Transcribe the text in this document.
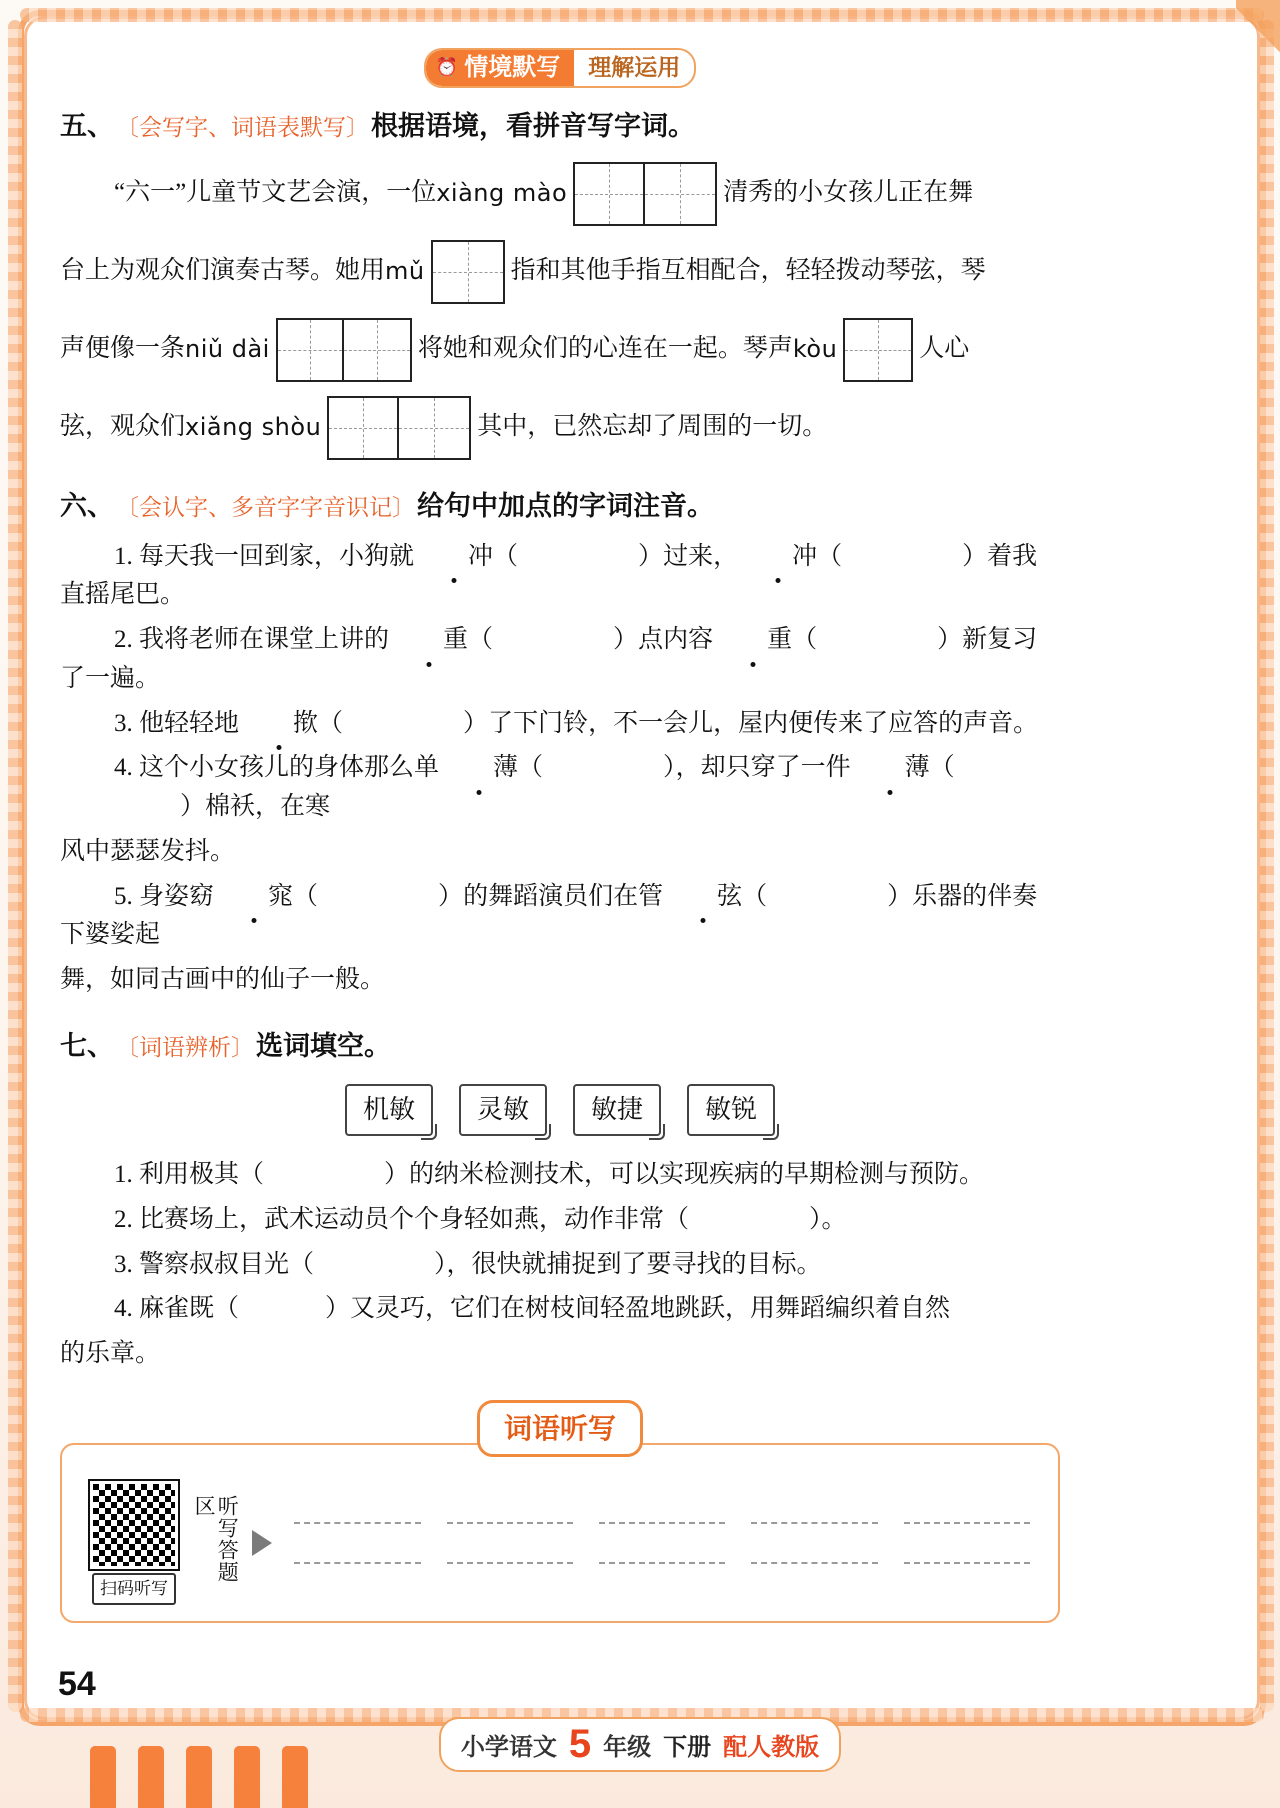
⏰ 情境默写	理解运用
五、 〔会写字、词语表默写〕 根据语境，看拼音写字词。
“六一”儿童节文艺会演，一位 xiàng mào	清秀的小女孩儿正在舞
台上为观众们演奏古琴。她用 mǔ	指和其他手指互相配合，轻轻拨动琴弦，琴
声便像一条 niǔ dài	将她和观众们的心连在一起。琴声 kòu	人心
弦，观众们 xiǎng shòu	其中，已然忘却了周围的一切。
六、 〔会认字、多音字字音识记〕 给句中加点的字词注音。
1. 每天我一回到家，小狗就 冲（	）过来， 冲（	）着我直摇尾巴。
2. 我将老师在课堂上讲的 重（	）点内容 重（	）新复习了一遍。
3. 他轻轻地 揿（	）了下门铃，不一会儿，屋内便传来了应答的声音。
4. 这个小女孩儿的身体那么单 薄（	），却只穿了一件 薄（）棉袄，在寒
风中瑟瑟发抖。
5. 身姿窈 窕（	）的舞蹈演员们在管 弦（	）乐器的伴奏下婆娑起
舞，如同古画中的仙子一般。
七、 〔词语辨析〕 选词填空。
机敏	灵敏	敏捷	敏锐
1. 利用极其（	）的纳米检测技术，可以实现疾病的早期检测与预防。
2. 比赛场上，武术运动员个个身轻如燕，动作非常（	）。
3. 警察叔叔目光（	），很快就捕捉到了要寻找的目标。
4. 麻雀既（	）又灵巧，它们在树枝间轻盈地跳跃，用舞蹈编织着自然
的乐章。
词语听写
扫码听写
听写答题区
54
小学语文 5 年级 下册 配人教版
